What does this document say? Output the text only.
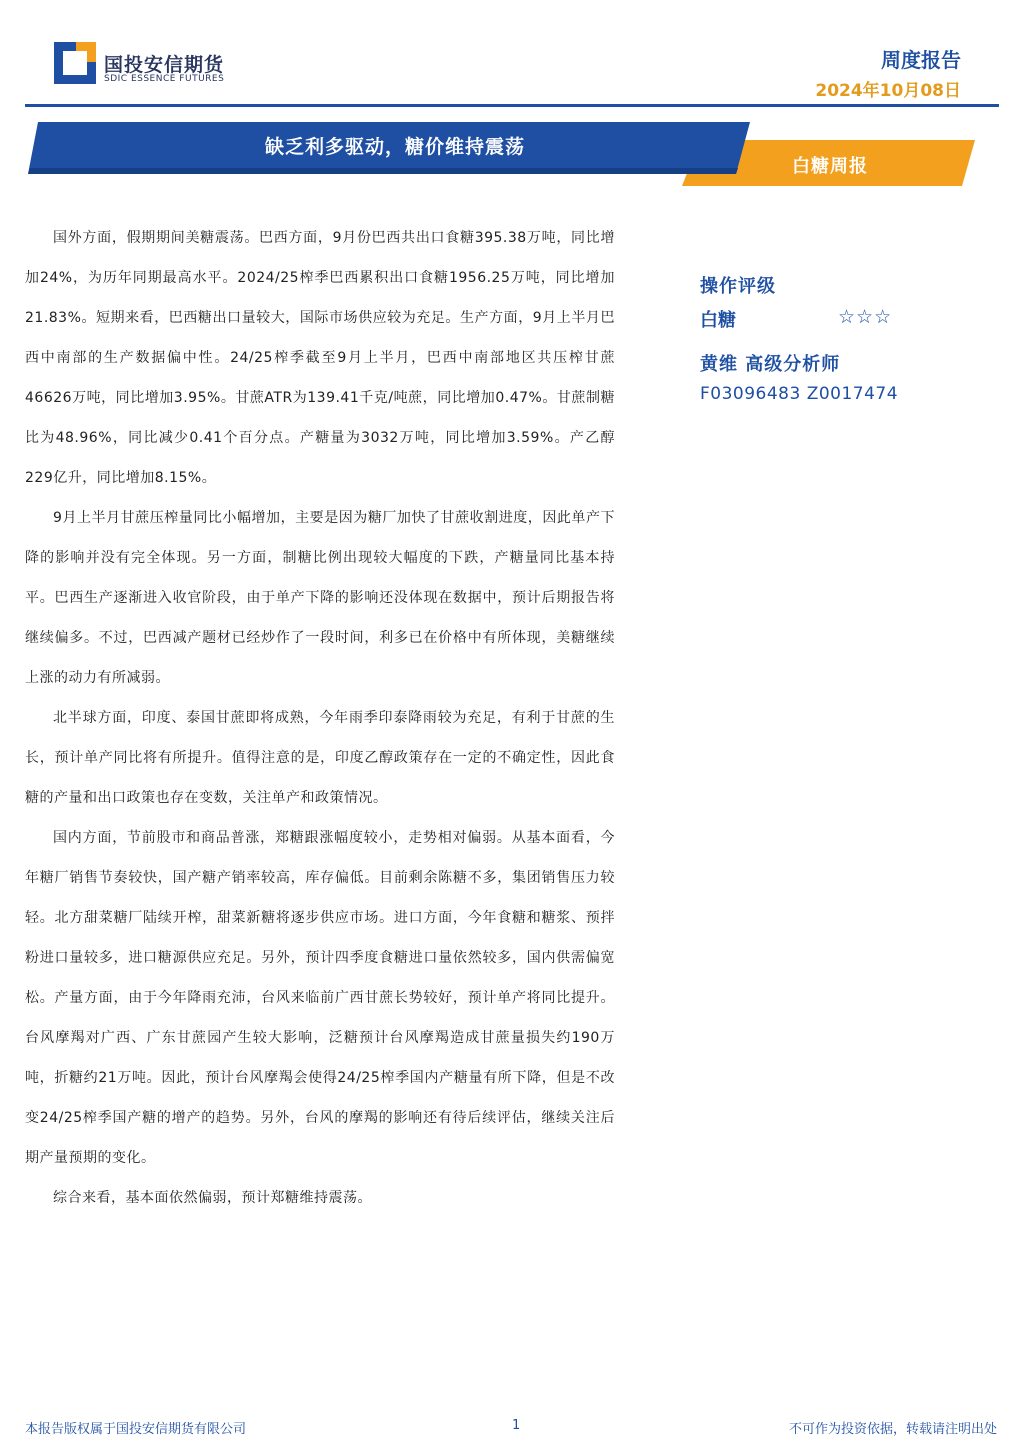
国投安信期货
SDIC ESSENCE FUTURES
周度报告
2024年10月08日
缺乏利多驱动，糖价维持震荡
白糖周报

国外方面，假期期间美糖震荡。巴西方面，9月份巴西共出口食糖395.38万吨，同比增加24%，为历年同期最高水平。2024/25榨季巴西累积出口食糖1956.25万吨，同比增加21.83%。短期来看，巴西糖出口量较大，国际市场供应较为充足。生产方面，9月上半月巴西中南部的生产数据偏中性。24/25榨季截至9月上半月，巴西中南部地区共压榨甘蔗46626万吨，同比增加3.95%。甘蔗ATR为139.41千克/吨蔗，同比增加0.47%。甘蔗制糖比为48.96%，同比减少0.41个百分点。产糖量为3032万吨，同比增加3.59%。产乙醇229亿升，同比增加8.15%。

9月上半月甘蔗压榨量同比小幅增加，主要是因为糖厂加快了甘蔗收割进度，因此单产下降的影响并没有完全体现。另一方面，制糖比例出现较大幅度的下跌，产糖量同比基本持平。巴西生产逐渐进入收官阶段，由于单产下降的影响还没体现在数据中，预计后期报告将继续偏多。不过，巴西减产题材已经炒作了一段时间，利多已在价格中有所体现，美糖继续上涨的动力有所减弱。

北半球方面，印度、泰国甘蔗即将成熟，今年雨季印泰降雨较为充足，有利于甘蔗的生长，预计单产同比将有所提升。值得注意的是，印度乙醇政策存在一定的不确定性，因此食糖的产量和出口政策也存在变数，关注单产和政策情况。

国内方面，节前股市和商品普涨，郑糖跟涨幅度较小，走势相对偏弱。从基本面看，今年糖厂销售节奏较快，国产糖产销率较高，库存偏低。目前剩余陈糖不多，集团销售压力较轻。北方甜菜糖厂陆续开榨，甜菜新糖将逐步供应市场。进口方面，今年食糖和糖浆、预拌粉进口量较多，进口糖源供应充足。另外，预计四季度食糖进口量依然较多，国内供需偏宽松。产量方面，由于今年降雨充沛，台风来临前广西甘蔗长势较好，预计单产将同比提升。台风摩羯对广西、广东甘蔗园产生较大影响，泛糖预计台风摩羯造成甘蔗量损失约190万吨，折糖约21万吨。因此，预计台风摩羯会使得24/25榨季国内产糖量有所下降，但是不改变24/25榨季国产糖的增产的趋势。另外，台风的摩羯的影响还有待后续评估，继续关注后期产量预期的变化。

综合来看，基本面依然偏弱，预计郑糖维持震荡。

操作评级
白糖	☆☆☆
黄维 高级分析师
F03096483 Z0017474
本报告版权属于国投安信期货有限公司	1	不可作为投资依据，转载请注明出处
